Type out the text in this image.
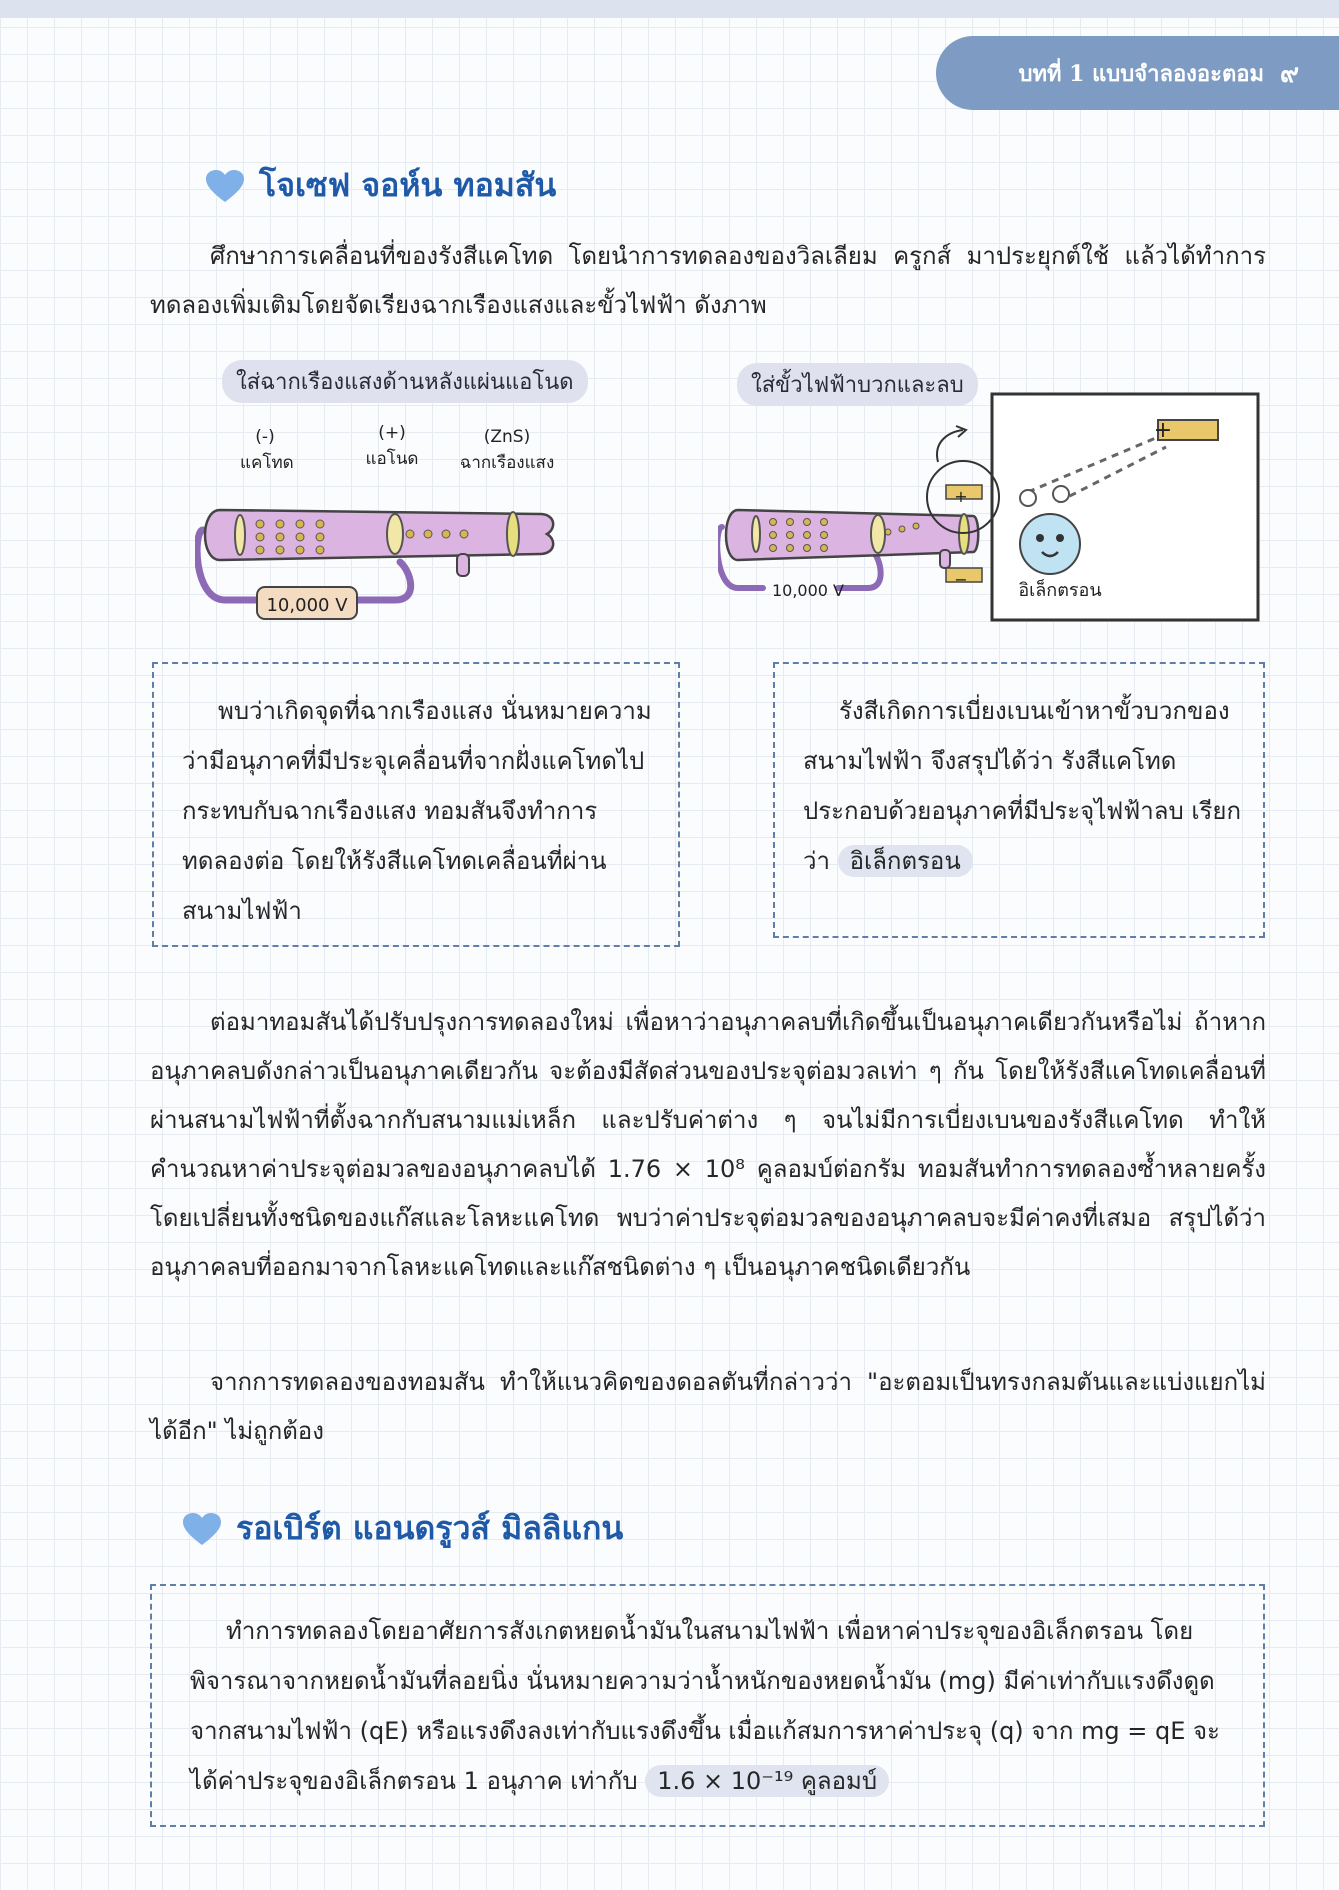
บทที่ 1 แบบจำลองอะตอม ๙
โจเซฟ จอห์น ทอมสัน

ศึกษาการเคลื่อนที่ของรังสีแคโทด โดยนำการทดลองของวิลเลียม ครูกส์ มาประยุกต์ใช้ แล้วได้ทำการทดลองเพิ่มเติมโดยจัดเรียงฉากเรืองแสงและขั้วไฟฟ้า ดังภาพ

ใส่ฉากเรืองแสงด้านหลังแผ่นแอโนด
(-)
แคโทด
(+)
แอโนด
(ZnS)
ฉากเรืองแสง
10,000 V
ใส่ขั้วไฟฟ้าบวกและลบ
+
+
−
10,000 V	อิเล็กตรอน
พบว่าเกิดจุดที่ฉากเรืองแสง นั่นหมายความว่ามีอนุภาคที่มีประจุเคลื่อนที่จากฝั่งแคโทดไปกระทบกับฉากเรืองแสง ทอมสันจึงทำการทดลองต่อ โดยให้รังสีแคโทดเคลื่อนที่ผ่านสนามไฟฟ้า
รังสีเกิดการเบี่ยงเบนเข้าหาขั้วบวกของสนามไฟฟ้า จึงสรุปได้ว่า รังสีแคโทดประกอบด้วยอนุภาคที่มีประจุไฟฟ้าลบ เรียกว่า อิเล็กตรอน

ต่อมาทอมสันได้ปรับปรุงการทดลองใหม่ เพื่อหาว่าอนุภาคลบที่เกิดขึ้นเป็นอนุภาคเดียวกันหรือไม่ ถ้าหากอนุภาคลบดังกล่าวเป็นอนุภาคเดียวกัน จะต้องมีสัดส่วนของประจุต่อมวลเท่า ๆ กัน โดยให้รังสีแคโทดเคลื่อนที่ผ่านสนามไฟฟ้าที่ตั้งฉากกับสนามแม่เหล็ก และปรับค่าต่าง ๆ จนไม่มีการเบี่ยงเบนของรังสีแคโทด ทำให้คำนวณหาค่าประจุต่อมวลของอนุภาคลบได้ 1.76 × 10⁸ คูลอมบ์ต่อกรัม ทอมสันทำการทดลองซ้ำหลายครั้งโดยเปลี่ยนทั้งชนิดของแก๊สและโลหะแคโทด พบว่าค่าประจุต่อมวลของอนุภาคลบจะมีค่าคงที่เสมอ สรุปได้ว่าอนุภาคลบที่ออกมาจากโลหะแคโทดและแก๊สชนิดต่าง ๆ เป็นอนุภาคชนิดเดียวกัน

จากการทดลองของทอมสัน ทำให้แนวคิดของดอลตันที่กล่าวว่า "อะตอมเป็นทรงกลมตันและแบ่งแยกไม่ได้อีก" ไม่ถูกต้อง

รอเบิร์ต แอนดรูวส์ มิลลิแกน
ทำการทดลองโดยอาศัยการสังเกตหยดน้ำมันในสนามไฟฟ้า เพื่อหาค่าประจุของอิเล็กตรอน โดยพิจารณาจากหยดน้ำมันที่ลอยนิ่ง นั่นหมายความว่าน้ำหนักของหยดน้ำมัน (mg) มีค่าเท่ากับแรงดึงดูดจากสนามไฟฟ้า (qE) หรือแรงดึงลงเท่ากับแรงดึงขึ้น เมื่อแก้สมการหาค่าประจุ (q) จาก mg = qE จะได้ค่าประจุของอิเล็กตรอน 1 อนุภาค เท่ากับ 1.6 × 10⁻¹⁹ คูลอมบ์
